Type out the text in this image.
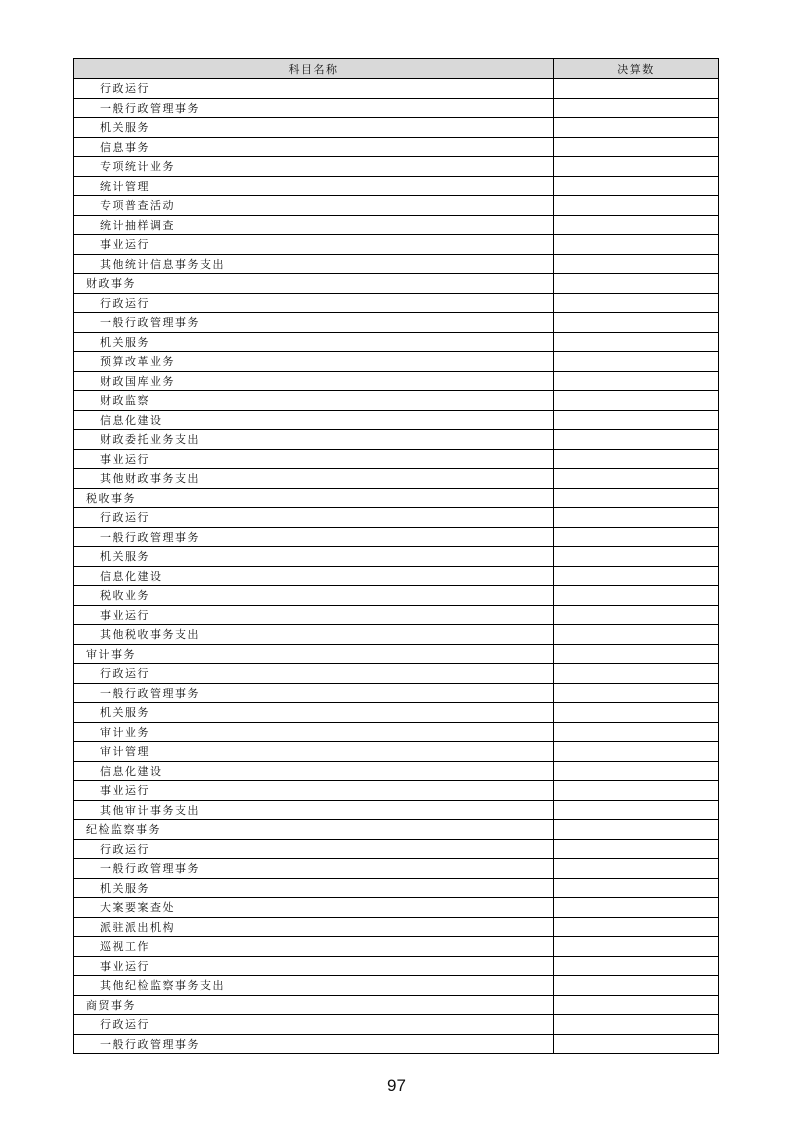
科目名称	决算数
行政运行	
一般行政管理事务	
机关服务	
信息事务	
专项统计业务	
统计管理	
专项普查活动	
统计抽样调查	
事业运行	
其他统计信息事务支出	
财政事务	
行政运行	
一般行政管理事务	
机关服务	
预算改革业务	
财政国库业务	
财政监察	
信息化建设	
财政委托业务支出	
事业运行	
其他财政事务支出	
税收事务	
行政运行	
一般行政管理事务	
机关服务	
信息化建设	
税收业务	
事业运行	
其他税收事务支出	
审计事务	
行政运行	
一般行政管理事务	
机关服务	
审计业务	
审计管理	
信息化建设	
事业运行	
其他审计事务支出	
纪检监察事务	
行政运行	
一般行政管理事务	
机关服务	
大案要案查处	
派驻派出机构	
巡视工作	
事业运行	
其他纪检监察事务支出	
商贸事务	
行政运行	
一般行政管理事务	
97
